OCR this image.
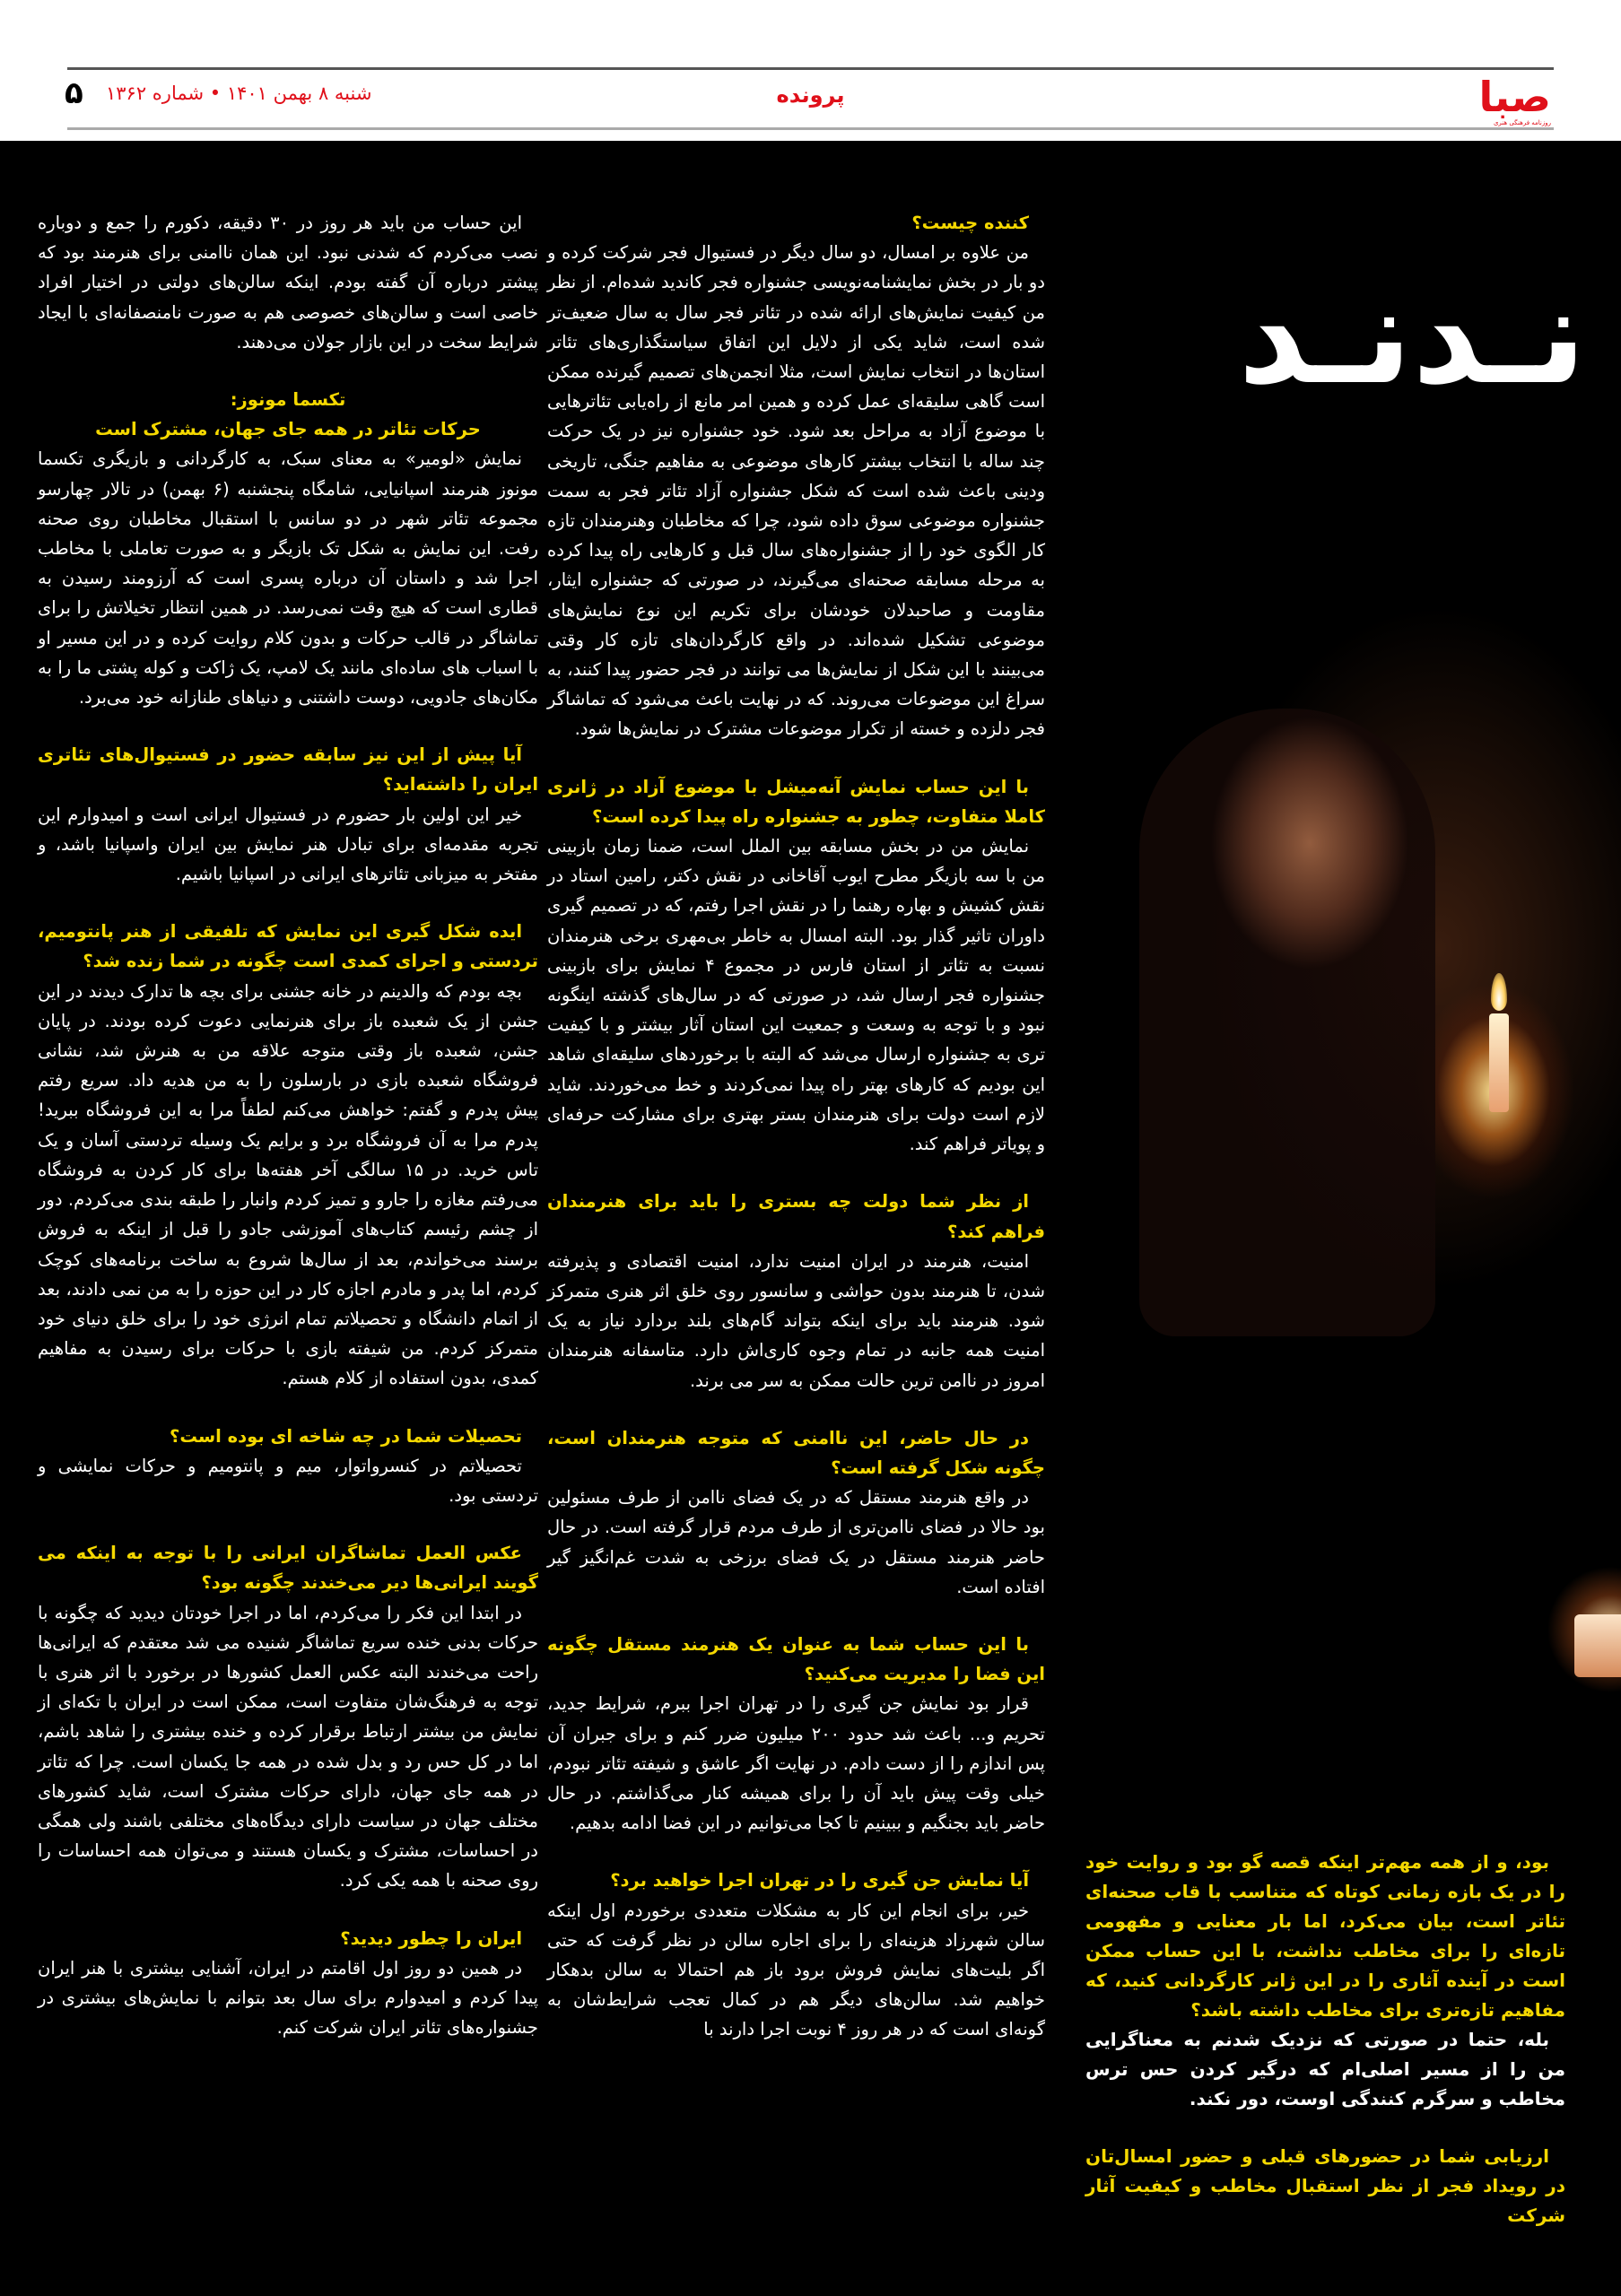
صبا
روزنامه فرهنگی هنری
پرونده
شنبه ۸ بهمن ۱۴۰۱ • شماره ۱۳۶۲
۵
نـدنـد

کننده چیست؟

من علاوه بر امسال، دو سال دیگر در فستیوال فجر شرکت کرده و دو بار در بخش نمایشنامه‌نویسی جشنواره فجر کاندید شده‌ام. از نظر من کیفیت نمایش‌های ارائه شده در تئاتر فجر سال به سال ضعیف‌تر شده است، شاید یکی از دلایل این اتفاق سیاستگذاری‌های تئاتر استان‌ها در انتخاب نمایش است، مثلا انجمن‌های تصمیم گیرنده ممکن است گاهی سلیقه‌ای عمل کرده و همین امر مانع از راه‌یابی تئاترهایی با موضوع آزاد به مراحل بعد شود. خود جشنواره نیز در یک حرکت چند ساله با انتخاب بیشتر کارهای موضوعی به مفاهیم جنگی، تاریخی ودینی باعث شده است که شکل جشنواره آزاد تئاتر فجر به سمت جشنواره موضوعی سوق داده شود، چرا که مخاطبان وهنرمندان تازه کار الگوی خود را از جشنواره‌های سال قبل و کارهایی راه پیدا کرده به مرحله مسابقه صحنه‌ای می‌گیرند، در صورتی که جشنواره ایثار، مقاومت و صاحبدلان خودشان برای تکریم این نوع نمایش‌های موضوعی تشکیل شده‌اند. در واقع کارگردان‌های تازه کار وقتی می‌بینند با این شکل از نمایش‌ها می توانند در فجر حضور پیدا کنند، به سراغ این موضوعات می‌روند. که در نهایت باعث می‌شود که تماشاگر فجر دلزده و خسته از تکرار موضوعات مشترک در نمایش‌ها شود.

با این حساب نمایش آنه‌میشل با موضوع آزاد در ژانری کاملا متفاوت، چطور به جشنواره راه پیدا کرده است؟

نمایش من در بخش مسابقه بین الملل است، ضمنا زمان بازبینی من با سه بازیگر مطرح ایوب آقاخانی در نقش دکتر، رامین استاد در نقش کشیش و بهاره رهنما را در نقش اجرا رفتم، که در تصمیم گیری داوران تاثیر گذار بود. البته امسال به خاطر بی‌مهری برخی هنرمندان نسبت به تئاتر از استان فارس در مجموع ۴ نمایش برای بازبینی جشنواره فجر ارسال شد، در صورتی که در سال‌های گذشته اینگونه نبود و با توجه به وسعت و جمعیت این استان آثار بیشتر و با کیفیت تری به جشنواره ارسال می‌شد که البته با برخوردهای سلیقه‌ای شاهد این بودیم که کارهای بهتر راه پیدا نمی‌کردند و خط می‌خوردند. شاید لازم است دولت برای هنرمندان بستر بهتری برای مشارکت حرفه‌ای و پویاتر فراهم کند.

از نظر شما دولت چه بستری را باید برای هنرمندان فراهم کند؟

امنیت، هنرمند در ایران امنیت ندارد، امنیت اقتصادی و پذیرفته شدن، تا هنرمند بدون حواشی و سانسور روی خلق اثر هنری متمرکز شود. هنرمند باید برای اینکه بتواند گام‌های بلند بردارد نیاز به یک امنیت همه جانبه در تمام وجوه کاری‌اش دارد. متاسفانه هنرمندان امروز در ناامن ترین حالت ممکن به سر می برند.

در حال حاضر، این ناامنی که متوجه هنرمندان است، چگونه شکل گرفته است؟

در واقع هنرمند مستقل که در یک فضای ناامن از طرف مسئولین بود حالا در فضای ناامن‌تری از طرف مردم قرار گرفته است. در حال حاضر هنرمند مستقل در یک فضای برزخی به شدت غم‌انگیز گیر افتاده است.

با این حساب شما به عنوان یک هنرمند مستقل چگونه این فضا را مدیریت می‌کنید؟

قرار بود نمایش جن گیری را در تهران اجرا ببرم، شرایط جدید، تحریم و... باعث شد حدود ۲۰۰ میلیون ضرر کنم و برای جبران آن پس اندازم را از دست دادم. در نهایت اگر عاشق و شیفته تئاتر نبودم، خیلی وقت پیش باید آن را برای همیشه کنار می‌گذاشتم. در حال حاضر باید بجنگیم و ببینیم تا کجا می‌توانیم در این فضا ادامه بدهیم.

آیا نمایش جن گیری را در تهران اجرا خواهید برد؟

خیر، برای انجام این کار به مشکلات متعددی برخوردم اول اینکه سالن شهرزاد هزینه‌ای را برای اجاره سالن در نظر گرفت که حتی اگر بلیت‌های نمایش فروش برود باز هم احتمالا به سالن بدهکار خواهیم شد. سالن‌های دیگر هم در کمال تعجب شرایط‌شان به گونه‌ای است که در هر روز ۴ نوبت اجرا دارند با

این حساب من باید هر روز در ۳۰ دقیقه، دکورم را جمع و دوباره نصب می‌کردم که شدنی نبود. این همان ناامنی برای هنرمند بود که پیشتر درباره آن گفته بودم. اینکه سالن‌های دولتی در اختیار افراد خاصی است و سالن‌های خصوصی هم به صورت نامنصفانه‌ای با ایجاد شرایط سخت در این بازار جولان می‌دهند.

تکسما مونوز:

حرکات تئاتر در همه جای جهان، مشترک است

نمایش «لومیر» به معنای سبک، به کارگردانی و بازیگری تکسما مونوز هنرمند اسپانیایی، شامگاه پنجشنبه (۶ بهمن) در تالار چهارسو مجموعه تئاتر شهر در دو سانس با استقبال مخاطبان روی صحنه رفت. این نمایش به شکل تک بازیگر و به صورت تعاملی با مخاطب اجرا شد و داستان آن درباره پسری است که آرزومند رسیدن به قطاری است که هیچ وقت نمی‌رسد. در همین انتظار تخیلاتش را برای تماشاگر در قالب حرکات و بدون کلام روایت کرده و در این مسیر او با اسباب های ساده‌ای مانند یک لامپ، یک ژاکت و کوله پشتی ما را به مکان‌های جادویی، دوست داشتنی و دنیاهای طنازانه خود می‌برد.

آیا پیش از این نیز سابقه حضور در فستیوال‌های تئاتری ایران را داشته‌اید؟

خیر این اولین بار حضورم در فستیوال ایرانی است و امیدوارم این تجربه مقدمه‌ای برای تبادل هنر نمایش بین ایران واسپانیا باشد، و مفتخر به میزبانی تئاترهای ایرانی در اسپانیا باشیم.

ایده شکل گیری این نمایش که تلفیقی از هنر پانتومیم، تردستی و اجرای کمدی است چگونه در شما زنده شد؟

بچه بودم که والدینم در خانه جشنی برای بچه ها تدارک دیدند در این جشن از یک شعبده باز برای هنرنمایی دعوت کرده بودند. در پایان جشن، شعبده باز وقتی متوجه علاقه من به هنرش شد، نشانی فروشگاه شعبده بازی در بارسلون را به من هدیه داد. سریع رفتم پیش پدرم و گفتم: خواهش می‌کنم لطفاً مرا به این فروشگاه ببرید! پدرم مرا به آن فروشگاه برد و برایم یک وسیله تردستی آسان و یک تاس خرید. در ۱۵ سالگی آخر هفته‌ها برای کار کردن به فروشگاه می‌رفتم مغازه را جارو و تمیز کردم وانبار را طبقه بندی می‌کردم. دور از چشم رئیسم کتاب‌های آموزشی جادو را قبل از اینکه به فروش برسند می‌خواندم، بعد از سال‌ها شروع به ساخت برنامه‌های کوچک کردم، اما پدر و مادرم اجازه کار در این حوزه را به من نمی دادند، بعد از اتمام دانشگاه و تحصیلاتم تمام انرژی خود را برای خلق دنیای خود متمرکز کردم. من شیفته بازی با حرکات برای رسیدن به مفاهیم کمدی، بدون استفاده از کلام هستم.

تحصیلات شما در چه شاخه ای بوده است؟

تحصیلاتم در کنسرواتوار، میم و پانتومیم و حرکات نمایشی و تردستی بود.

عکس العمل تماشاگران ایرانی را با توجه به اینکه می گویند ایرانی‌ها دیر می‌خندند چگونه بود؟

در ابتدا این فکر را می‌کردم، اما در اجرا خودتان دیدید که چگونه با حرکات بدنی خنده سریع تماشاگر شنیده می شد معتقدم که ایرانی‌ها راحت می‌خندند البته عکس العمل کشورها در برخورد با اثر هنری با توجه به فرهنگ‌شان متفاوت است، ممکن است در ایران با تکه‌ای از نمایش من بیشتر ارتباط برقرار کرده و خنده بیشتری را شاهد باشم، اما در کل حس رد و بدل شده در همه جا یکسان است. چرا که تئاتر در همه جای جهان، دارای حرکات مشترک است، شاید کشورهای مختلف جهان در سیاست دارای دیدگاه‌های مختلفی باشند ولی همگی در احساسات، مشترک و یکسان هستند و می‌توان همه احساسات را روی صحنه با همه یکی کرد.

ایران را چطور دیدید؟

در همین دو روز اول اقامتم در ایران، آشنایی بیشتری با هنر ایران پیدا کردم و امیدوارم برای سال بعد بتوانم با نمایش‌های بیشتری در جشنواره‌های تئاتر ایران شرکت کنم.

بود، و از همه مهم‌تر اینکه قصه گو بود و روایت خود را در یک بازه زمانی کوتاه که متناسب با قاب صحنه‌ای تئاتر است، بیان می‌کرد، اما بار معنایی و مفهومی تازه‌ای را برای مخاطب نداشت، با این حساب ممکن است در آینده آثاری را در این ژانر کارگردانی کنید، که مفاهیم تازه‌تری برای مخاطب داشته باشد؟

بله، حتما در صورتی که نزدیک شدنم به معناگرایی من را از مسیر اصلی‌ام که درگیر کردن حس ترس مخاطب و سرگرم کنندگی اوست، دور نکند.

ارزیابی شما در حضورهای قبلی و حضور امسال‌تان در رویداد فجر از نظر استقبال مخاطب و کیفیت آثار شرکت
